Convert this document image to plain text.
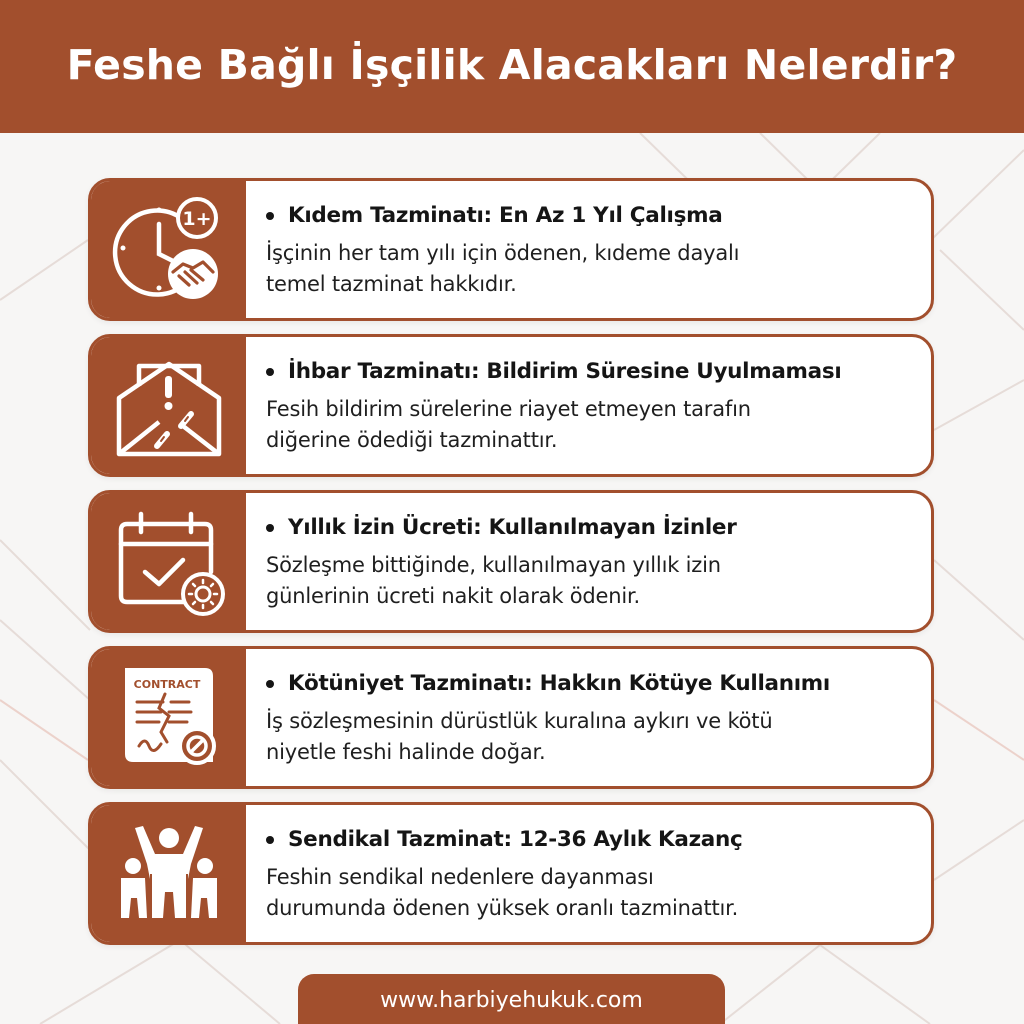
Feshe Bağlı İşçilik Alacakları Nelerdir?
1+	Kıdem Tazminatı: En Az 1 Yıl Çalışma
İşçinin her tam yılı için ödenen, kıdeme dayalı
temel tazminat hakkıdır.
İhbar Tazminatı: Bildirim Süresine Uyulmaması
Fesih bildirim sürelerine riayet etmeyen tarafın
diğerine ödediği tazminattır.
Yıllık İzin Ücreti: Kullanılmayan İzinler
Sözleşme bittiğinde, kullanılmayan yıllık izin
günlerinin ücreti nakit olarak ödenir.
CONTRACT	Kötüniyet Tazminatı: Hakkın Kötüye Kullanımı
İş sözleşmesinin dürüstlük kuralına aykırı ve kötü
niyetle feshi halinde doğar.
Sendikal Tazminat: 12-36 Aylık Kazanç
Feshin sendikal nedenlere dayanması
durumunda ödenen yüksek oranlı tazminattır.
www.harbiyehukuk.com
